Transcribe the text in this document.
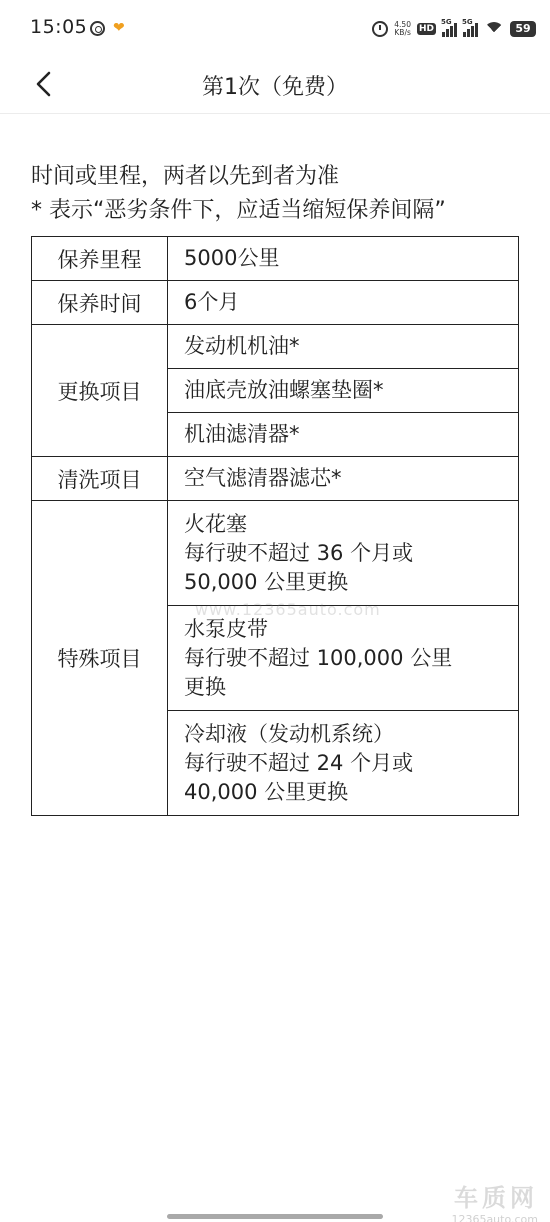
15:05 ❤	4.50
KB/s HD
5G 5G	59
第1次（免费）
时间或里程，两者以先到者为准
* 表示“恶劣条件下，应适当缩短保养间隔”
保养里程	5000公里
保养时间	6个月
更换项目	发动机机油*
	油底壳放油螺塞垫圈*
	机油滤清器*
清洗项目	空气滤清器滤芯*
特殊项目	火花塞
每行驶不超过 36 个月或
50,000 公里更换

	水泵皮带
每行驶不超过 100,000 公里
更换

	冷却液（发动机系统）
每行驶不超过 24 个月或
40,000 公里更换
www.12365auto.com
车质网
12365auto.com
